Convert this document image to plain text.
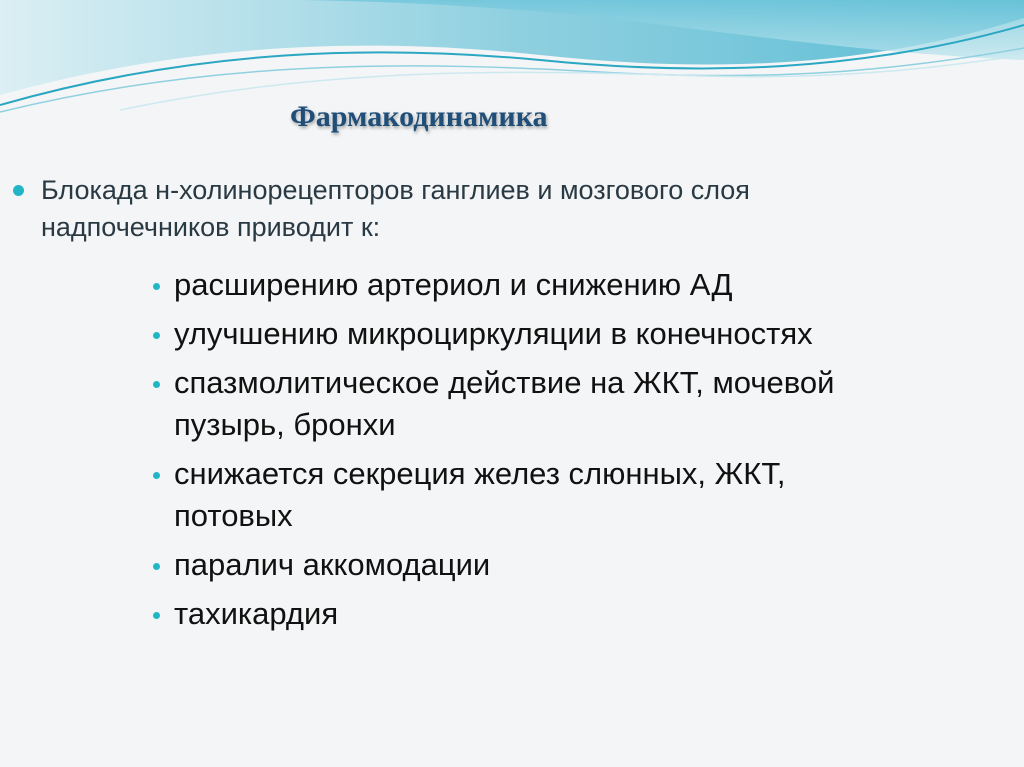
Фармакодинамика
Блокада н-холинорецепторов ганглиев и мозгового слоя
надпочечников приводит к:
расширению артериол и снижению АД
улучшению микроциркуляции в конечностях
спазмолитическое действие на ЖКТ, мочевой
пузырь, бронхи
снижается секреция желез слюнных, ЖКТ,
потовых
паралич аккомодации
тахикардия
